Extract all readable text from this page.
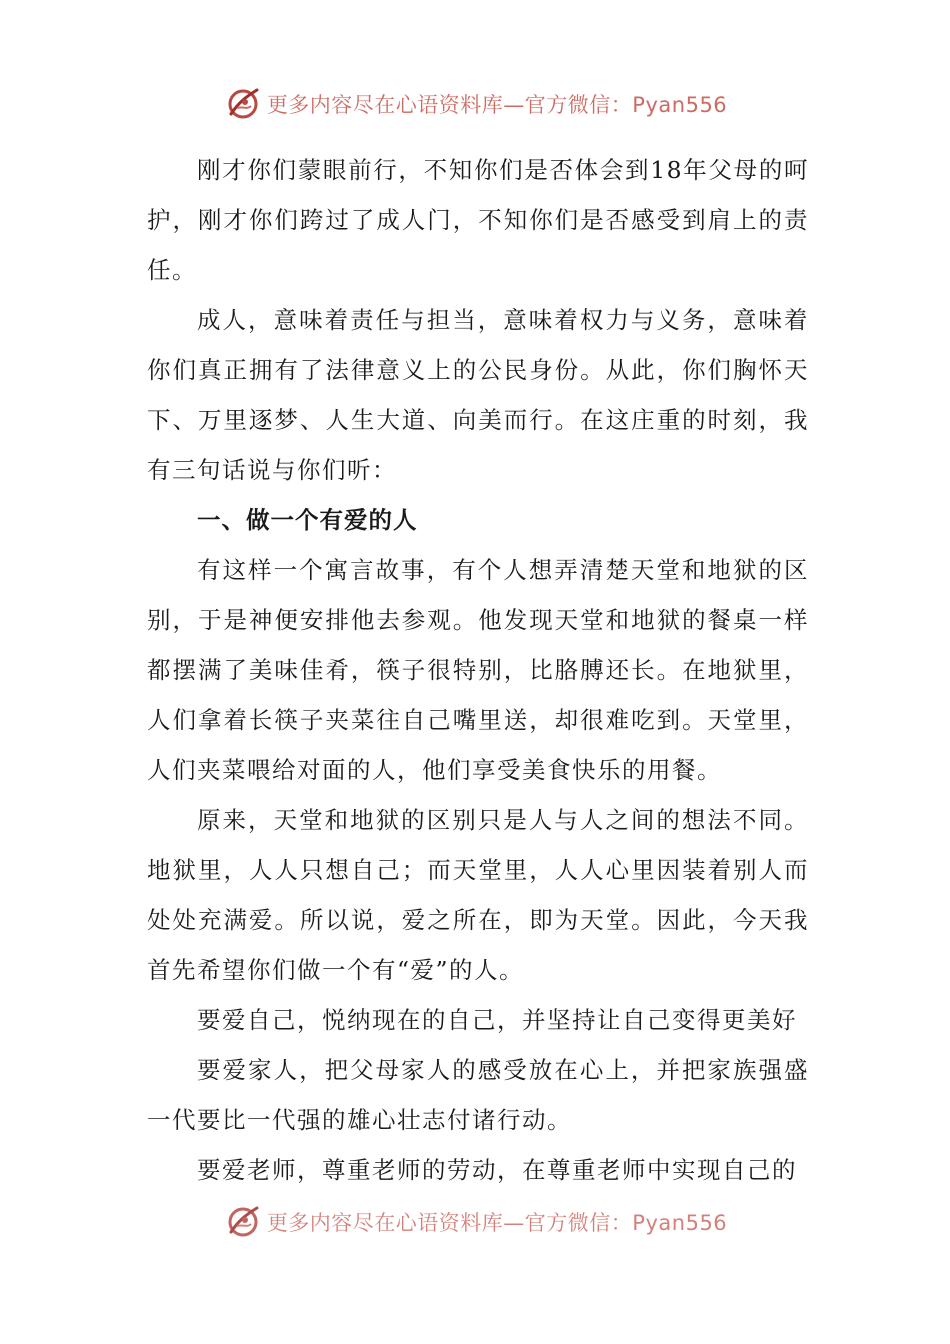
更多内容尽在心语资料库—官方微信：Pyan556

刚才你们蒙眼前行，不知你们是否体会到18年父母的呵护，刚才你们跨过了成人门，不知你们是否感受到肩上的责任。

成人，意味着责任与担当，意味着权力与义务，意味着你们真正拥有了法律意义上的公民身份。从此，你们胸怀天下、万里逐梦、人生大道、向美而行。在这庄重的时刻，我有三句话说与你们听：

一、做一个有爱的人

有这样一个寓言故事，有个人想弄清楚天堂和地狱的区别，于是神便安排他去参观。他发现天堂和地狱的餐桌一样都摆满了美味佳肴，筷子很特别，比胳膊还长。在地狱里，人们拿着长筷子夹菜往自己嘴里送，却很难吃到。天堂里，人们夹菜喂给对面的人，他们享受美食快乐的用餐。

原来，天堂和地狱的区别只是人与人之间的想法不同。地狱里，人人只想自己；而天堂里，人人心里因装着别人而处处充满爱。所以说，爱之所在，即为天堂。因此，今天我首先希望你们做一个有“爱”的人。

要爱自己，悦纳现在的自己，并坚持让自己变得更美好

要爱家人，把父母家人的感受放在心上，并把家族强盛一代要比一代强的雄心壮志付诸行动。

要爱老师，尊重老师的劳动，在尊重老师中实现自己的

更多内容尽在心语资料库—官方微信：Pyan556
